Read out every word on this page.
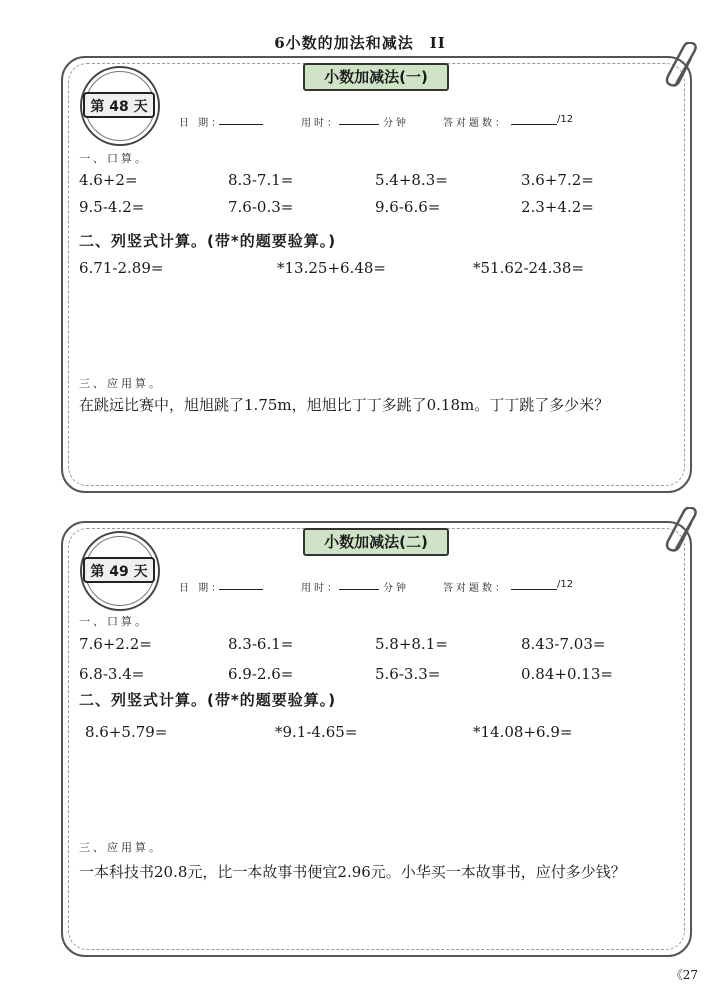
6小数的加法和减法　II
小数加减法(一)
第 48 天
日 期：	用时：	分钟	答对题数：	/12
一、口算。
4.6+2=	8.3-7.1=	5.4+8.3=	3.6+7.2=
9.5-4.2=	7.6-0.3=	9.6-6.6=	2.3+4.2=
二、列竖式计算。(带*的题要验算。)
6.71-2.89=	*13.25+6.48=	*51.62-24.38=
三、应用算。
在跳远比赛中，旭旭跳了1.75m，旭旭比丁丁多跳了0.18m。丁丁跳了多少米？
小数加减法(二)
第 49 天
日 期：	用时：	分钟	答对题数：	/12
一、口算。
7.6+2.2=	8.3-6.1=	5.8+8.1=	8.43-7.03=
6.8-3.4=	6.9-2.6=	5.6-3.3=	0.84+0.13=
二、列竖式计算。(带*的题要验算。)
8.6+5.79=	*9.1-4.65=	*14.08+6.9=
三、应用算。
一本科技书20.8元，比一本故事书便宜2.96元。小华买一本故事书，应付多少钱？
《27
